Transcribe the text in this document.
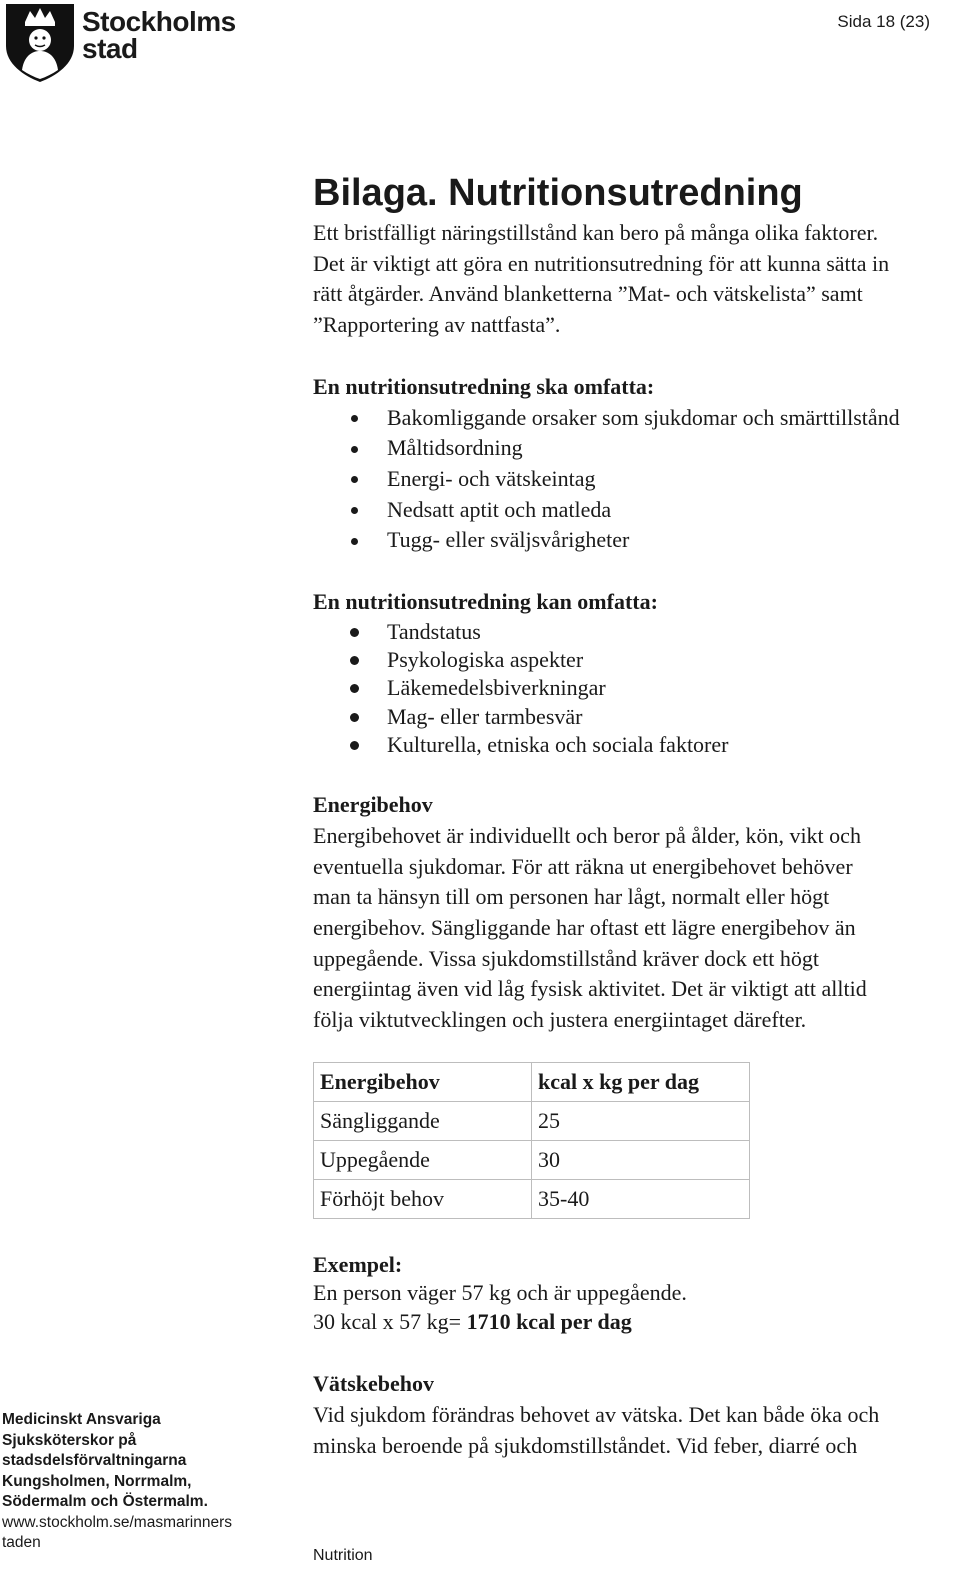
Stockholms
stad
Sida 18 (23)
Bilaga. Nutritionsutredning

Ett bristfälligt näringstillstånd kan bero på många olika faktorer.

Det är viktigt att göra en nutritionsutredning för att kunna sätta in

rätt åtgärder. Använd blanketterna ”Mat- och vätskelista” samt

”Rapportering av nattfasta”.

En nutritionsutredning ska omfatta:

Bakomliggande orsaker som sjukdomar och smärttillstånd
Måltidsordning
Energi- och vätskeintag
Nedsatt aptit och matleda
Tugg- eller sväljsvårigheter

En nutritionsutredning kan omfatta:

Tandstatus
Psykologiska aspekter
Läkemedelsbiverkningar
Mag- eller tarmbesvär
Kulturella, etniska och sociala faktorer

Energibehov

Energibehovet är individuellt och beror på ålder, kön, vikt och

eventuella sjukdomar. För att räkna ut energibehovet behöver

man ta hänsyn till om personen har lågt, normalt eller högt

energibehov. Sängliggande har oftast ett lägre energibehov än

uppegående. Vissa sjukdomstillstånd kräver dock ett högt

energiintag även vid låg fysisk aktivitet. Det är viktigt att alltid

följa viktutvecklingen och justera energiintaget därefter.

Energibehov	kcal x kg per dag
Sängliggande	25
Uppegående	30
Förhöjt behov	35-40

Exempel:

En person väger 57 kg och är uppegående.

30 kcal x 57 kg= 1710 kcal per dag

Vätskebehov

Vid sjukdom förändras behovet av vätska. Det kan både öka och

minska beroende på sjukdomstillståndet. Vid feber, diarré och

Medicinskt Ansvariga
Sjuksköterskor på
stadsdelsförvaltningarna
Kungsholmen, Norrmalm,
Södermalm och Östermalm.
www.stockholm.se/masmarinners
taden
Nutrition
